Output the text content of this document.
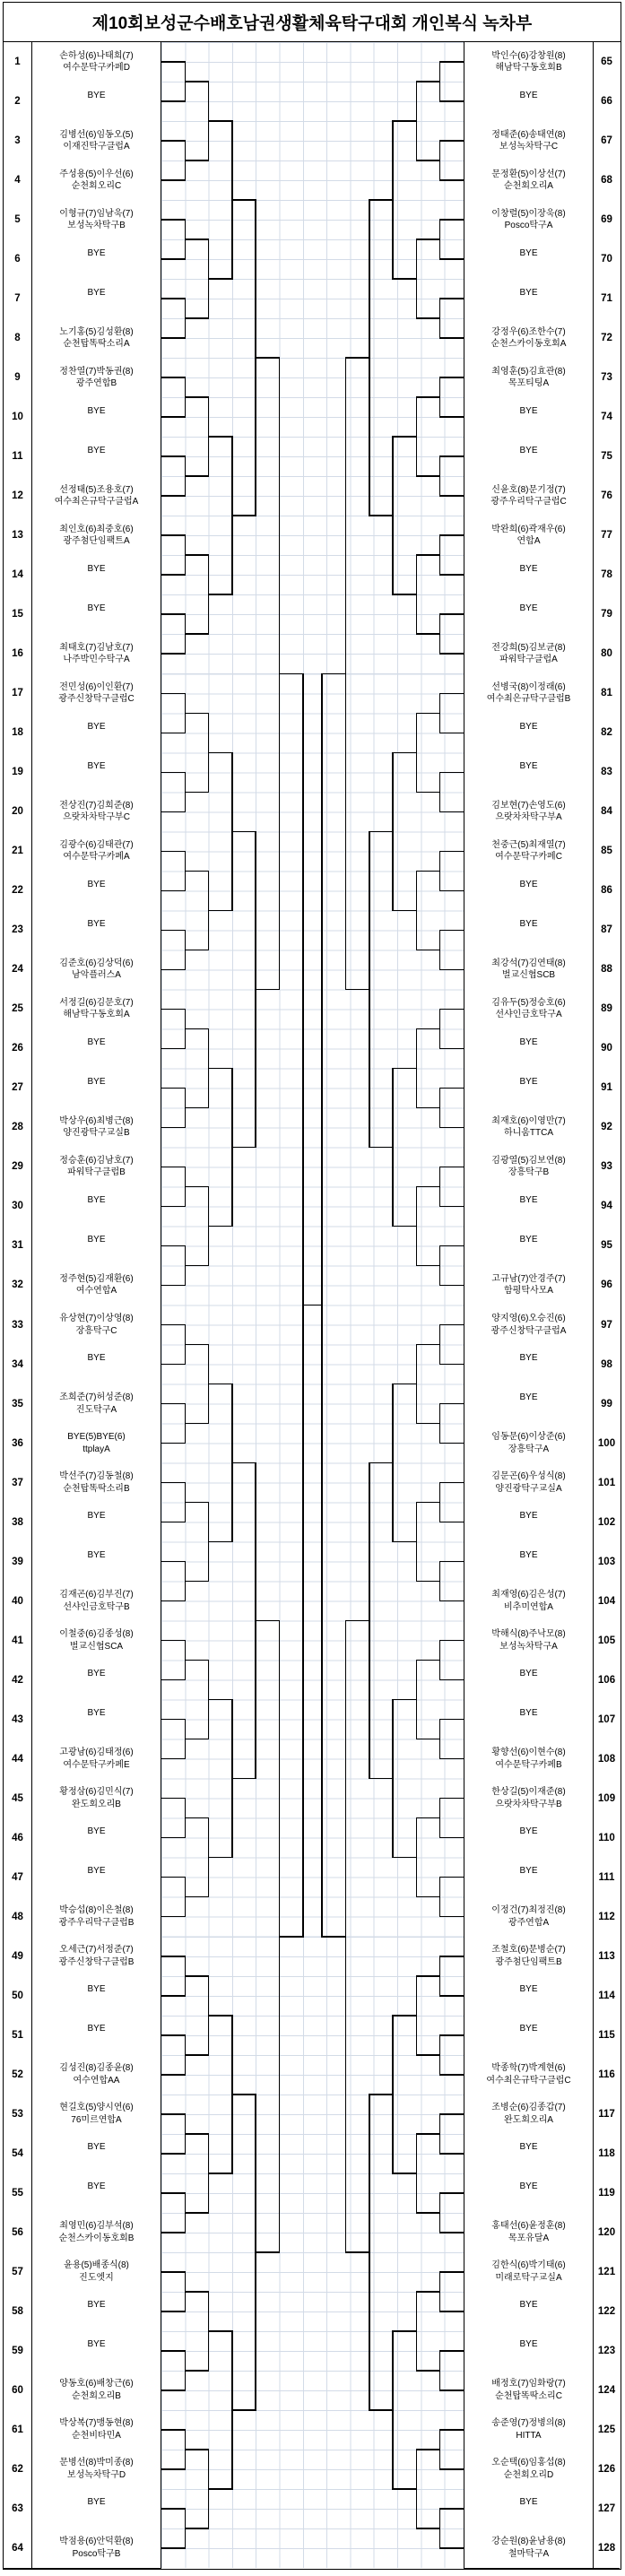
제10회보성군수배호남권생활체육탁구대회 개인복식 녹차부
1
손하성(6)나태희(7)
여수문탁구카페D
2
BYE
3
김병선(6)임동오(5)
이재진탁구클럽A
4
주성용(5)이우선(6)
순천회오리C
5
이형규(7)임남욱(7)
보성녹차탁구B
6
BYE
7
BYE
8
노기홍(5)김성환(8)
순천탑똑딱소리A
9
정찬열(7)박동권(8)
광주연합B
10
BYE
11
BYE
12
선정태(5)조용호(7)
여수최은규탁구클럽A
13
최인호(6)최중호(6)
광주첨단임팩트A
14
BYE
15
BYE
16
최태호(7)김남호(7)
나주박민수탁구A
17
전민성(6)이인환(7)
광주신창탁구클럽C
18
BYE
19
BYE
20
전상진(7)김희준(8)
으랏차차탁구부C
21
김광수(6)김태관(7)
여수문탁구카페A
22
BYE
23
BYE
24
김준호(6)김상덕(6)
남악플러스A
25
서정길(6)김문호(7)
해남탁구동호회A
26
BYE
27
BYE
28
박상우(6)최병근(8)
양진광탁구교실B
29
정승훈(6)김남호(7)
파워탁구클럽B
30
BYE
31
BYE
32
정주현(5)김재환(6)
여수연합A
33
유상현(7)이상영(8)
장흥탁구C
34
BYE
35
조희준(7)허성준(8)
진도탁구A
36
BYE(5)BYE(6)
ttplayA
37
박선주(7)김동철(8)
순천탑똑딱소리B
38
BYE
39
BYE
40
김재곤(6)김부진(7)
선샤인금호탁구B
41
이철중(6)김종성(8)
벌교신협SCA
42
BYE
43
BYE
44
고광남(6)김태정(6)
여수문탁구카페E
45
황정삼(6)김민식(7)
완도회오리B
46
BYE
47
BYE
48
박승섭(8)이은철(8)
광주우리탁구클럽B
49
오세근(7)서정준(7)
광주신창탁구클럽B
50
BYE
51
BYE
52
김성진(8)김종윤(8)
여수연합AA
53
현길호(5)양시연(6)
76미르연합A
54
BYE
55
BYE
56
최영민(6)김부석(8)
순천스카이동호회B
57
윤용(5)배종식(8)
진도엣지
58
BYE
59
BYE
60
양동호(6)배창근(6)
순천회오리B
61
박상복(7)맹동현(8)
순천비타민A
62
문병선(8)박미종(8)
보성녹차탁구D
63
BYE
64
박점용(6)안덕환(8)
Posco탁구B
65
박인수(6)강창원(8)
해남탁구동호회B
66
BYE
67
정태준(6)송태연(8)
보성녹차탁구C
68
문정환(5)이상선(7)
순천회오리A
69
이창렬(5)이장욱(8)
Posco탁구A
70
BYE
71
BYE
72
강정우(6)조한수(7)
순천스카이동호회A
73
최영훈(5)김효관(8)
목포티팅A
74
BYE
75
BYE
76
신윤호(8)문기정(7)
광주우리탁구클럽C
77
박완희(6)곽재우(6)
연합A
78
BYE
79
BYE
80
전강희(5)김보균(8)
파워탁구클럽A
81
선병국(8)이정래(6)
여수최은규탁구클럽B
82
BYE
83
BYE
84
김보현(7)손영도(6)
으랏차차탁구부A
85
천중근(5)최재열(7)
여수문탁구카페C
86
BYE
87
BYE
88
최강석(7)김연태(8)
벌교신협SCB
89
김유두(5)정승호(6)
선샤인금호탁구A
90
BYE
91
BYE
92
최재호(6)이영만(7)
하니움TTCA
93
김광열(5)김보연(8)
장흥탁구B
94
BYE
95
BYE
96
고규남(7)안경주(7)
함평탁사모A
97
양지영(6)오승진(6)
광주신창탁구클럽A
98
BYE
99
BYE
100
임동문(6)이상준(6)
장흥탁구A
101
김문곤(6)우성식(8)
양진광탁구교실A
102
BYE
103
BYE
104
최재영(6)김은성(7)
비추미연합A
105
박해식(8)주낙모(8)
보성녹차탁구A
106
BYE
107
BYE
108
황향선(6)이현수(8)
여수문탁구카페B
109
한상길(5)이재준(8)
으랏차차탁구부B
110
BYE
111
BYE
112
이정건(7)최정진(8)
광주연합A
113
조철호(6)문병순(7)
광주첨단임팩트B
114
BYE
115
BYE
116
박종학(7)박계현(6)
여수최은규탁구클럽C
117
조병순(6)김종갑(7)
완도회오리A
118
BYE
119
BYE
120
홍태선(6)윤정훈(8)
목포유달A
121
김한식(6)박기태(6)
미래로탁구교실A
122
BYE
123
BYE
124
배정호(7)임화랑(7)
순천탑똑딱소리C
125
송준영(7)정병의(8)
HITTA
126
오순택(6)임홍섭(8)
순천회오리D
127
BYE
128
강순원(8)윤남용(8)
철마탁구A
